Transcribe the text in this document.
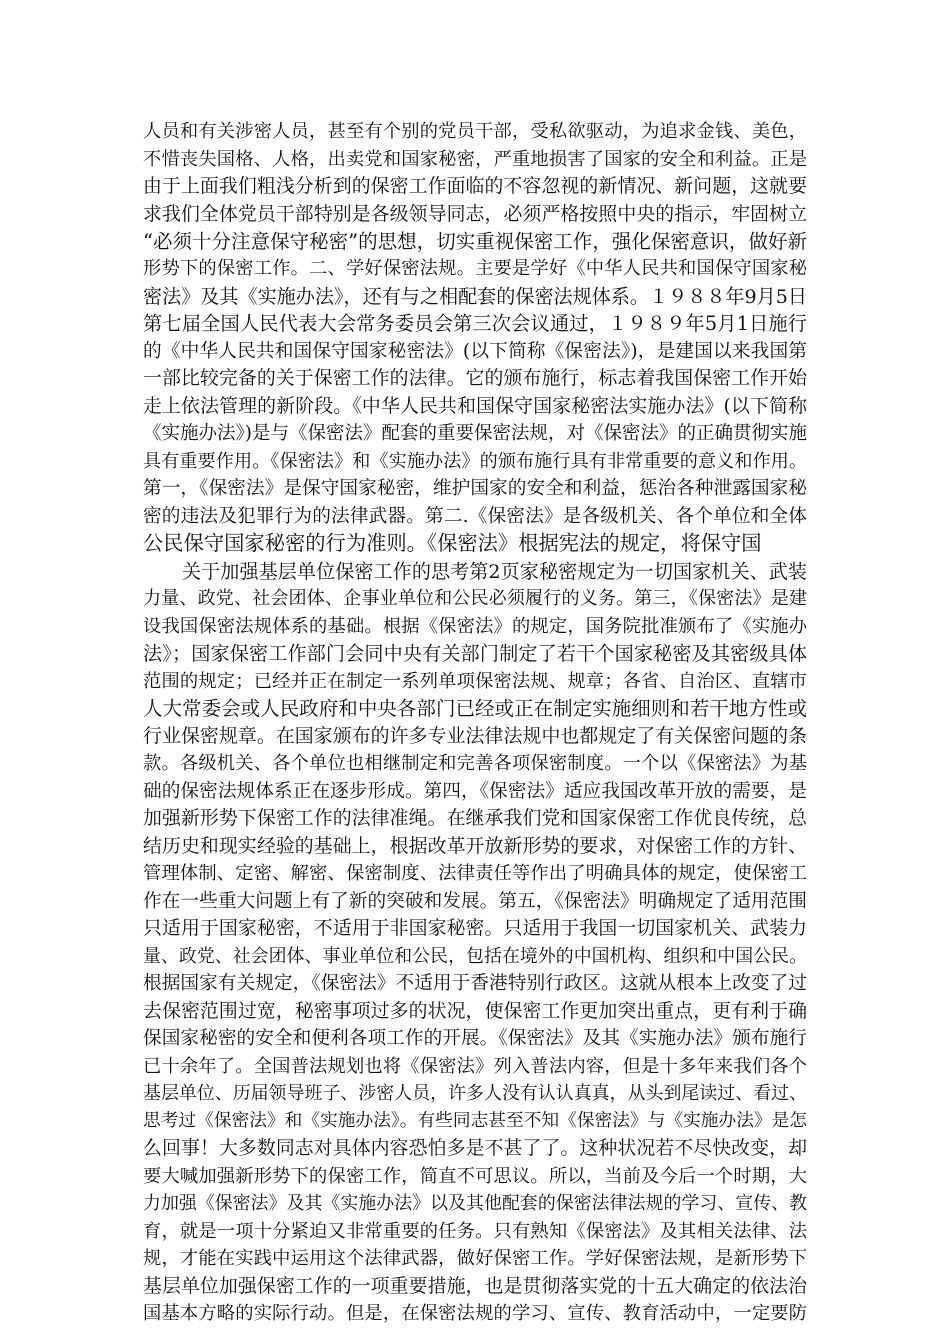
人员和有关涉密人员，甚至有个别的党员干部，受私欲驱动，为追求金钱、美色，
不惜丧失国格、人格，出卖党和国家秘密，严重地损害了国家的安全和利益。正是
由于上面我们粗浅分析到的保密工作面临的不容忽视的新情况、新问题，这就要
求我们全体党员干部特别是各级领导同志，必须严格按照中央的指示，牢固树立
“必须十分注意保守秘密”的思想，切实重视保密工作，强化保密意识，做好新
形势下的保密工作。二、学好保密法规。主要是学好《中华人民共和国保守国家秘
密法》及其《实施办法》，还有与之相配套的保密法规体系。１９８８年9月5日
第七届全国人民代表大会常务委员会第三次会议通过，１９８９年5月1日施行
的《中华人民共和国保守国家秘密法》(以下简称《保密法》)，是建国以来我国第
一部比较完备的关于保密工作的法律。它的颁布施行，标志着我国保密工作开始
走上依法管理的新阶段。《中华人民共和国保守国家秘密法实施办法》(以下简称
《实施办法》)是与《保密法》配套的重要保密法规，对《保密法》的正确贯彻实施
具有重要作用。《保密法》和《实施办法》的颁布施行具有非常重要的意义和作用。
第一，《保密法》是保守国家秘密，维护国家的安全和利益，惩治各种泄露国家秘
密的违法及犯罪行为的法律武器。第二.《保密法》是各级机关、各个单位和全体
公民保守国家秘密的行为准则。《保密法》根据宪法的规定，将保守国
关于加强基层单位保密工作的思考第2页家秘密规定为一切国家机关、武装
力量、政党、社会团体、企事业单位和公民必须履行的义务。第三，《保密法》是建
设我国保密法规体系的基础。根据《保密法》的规定，国务院批准颁布了《实施办
法》；国家保密工作部门会同中央有关部门制定了若干个国家秘密及其密级具体
范围的规定；已经并正在制定一系列单项保密法规、规章；各省、自治区、直辖市
人大常委会或人民政府和中央各部门已经或正在制定实施细则和若干地方性或
行业保密规章。在国家颁布的许多专业法律法规中也都规定了有关保密问题的条
款。各级机关、各个单位也相继制定和完善各项保密制度。一个以《保密法》为基
础的保密法规体系正在逐步形成。第四，《保密法》适应我国改革开放的需要，是
加强新形势下保密工作的法律准绳。在继承我们党和国家保密工作优良传统，总
结历史和现实经验的基础上，根据改革开放新形势的要求，对保密工作的方针、
管理体制、定密、解密、保密制度、法律责任等作出了明确具体的规定，使保密工
作在一些重大问题上有了新的突破和发展。第五，《保密法》明确规定了适用范围
只适用于国家秘密，不适用于非国家秘密。只适用于我国一切国家机关、武装力
量、政党、社会团体、事业单位和公民，包括在境外的中国机构、组织和中国公民。
根据国家有关规定，《保密法》不适用于香港特别行政区。这就从根本上改变了过
去保密范围过宽，秘密事项过多的状况，使保密工作更加突出重点，更有利于确
保国家秘密的安全和便利各项工作的开展。《保密法》及其《实施办法》颁布施行
已十余年了。全国普法规划也将《保密法》列入普法内容，但是十多年来我们各个
基层单位、历届领导班子、涉密人员，许多人没有认认真真，从头到尾读过、看过、
思考过《保密法》和《实施办法》。有些同志甚至不知《保密法》与《实施办法》是怎
么回事！大多数同志对具体内容恐怕多是不甚了了。这种状况若不尽快改变，却
要大喊加强新形势下的保密工作，简直不可思议。所以，当前及今后一个时期，大
力加强《保密法》及其《实施办法》以及其他配套的保密法律法规的学习、宣传、教
育，就是一项十分紧迫又非常重要的任务。只有熟知《保密法》及其相关法律、法
规，才能在实践中运用这个法律武器，做好保密工作。学好保密法规，是新形势下
基层单位加强保密工作的一项重要措施，也是贯彻落实党的十五大确定的依法治
国基本方略的实际行动。但是，在保密法规的学习、宣传、教育活动中，一定要防
